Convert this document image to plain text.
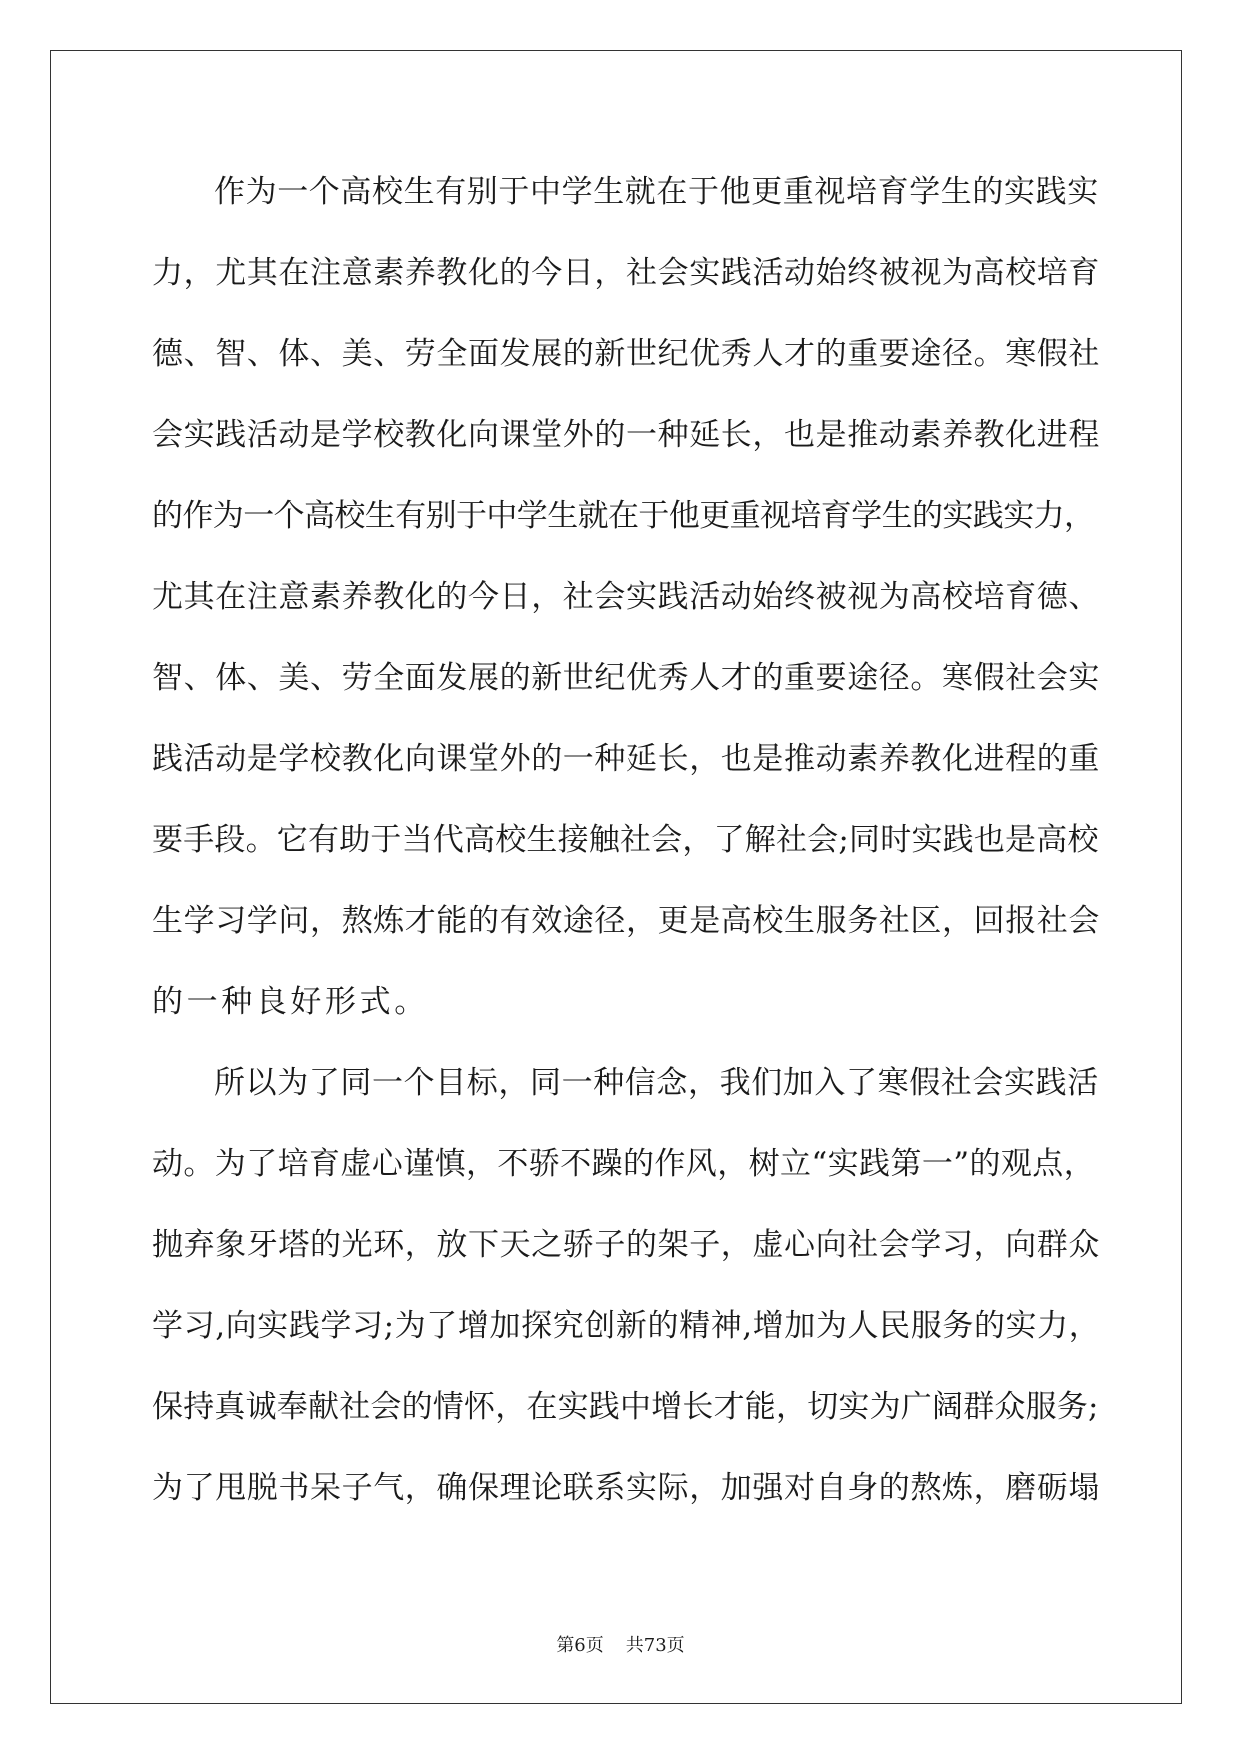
作为一个高校生有别于中学生就在于他更重视培育学生的实践实
力，尤其在注意素养教化的今日，社会实践活动始终被视为高校培育
德、智、体、美、劳全面发展的新世纪优秀人才的重要途径。寒假社
会实践活动是学校教化向课堂外的一种延长，也是推动素养教化进程
的作为一个高校生有别于中学生就在于他更重视培育学生的实践实力，
尤其在注意素养教化的今日，社会实践活动始终被视为高校培育德、
智、体、美、劳全面发展的新世纪优秀人才的重要途径。寒假社会实
践活动是学校教化向课堂外的一种延长，也是推动素养教化进程的重
要手段。它有助于当代高校生接触社会，了解社会;同时实践也是高校
生学习学问，熬炼才能的有效途径，更是高校生服务社区，回报社会
的一种良好形式。
所以为了同一个目标，同一种信念，我们加入了寒假社会实践活
动。为了培育虚心谨慎，不骄不躁的作风，树立“实践第一”的观点，
抛弃象牙塔的光环，放下天之骄子的架子，虚心向社会学习，向群众
学习,向实践学习;为了增加探究创新的精神,增加为人民服务的实力，
保持真诚奉献社会的情怀，在实践中增长才能，切实为广阔群众服务;
为了甩脱书呆子气，确保理论联系实际，加强对自身的熬炼，磨砺塌
第6页 共73页
